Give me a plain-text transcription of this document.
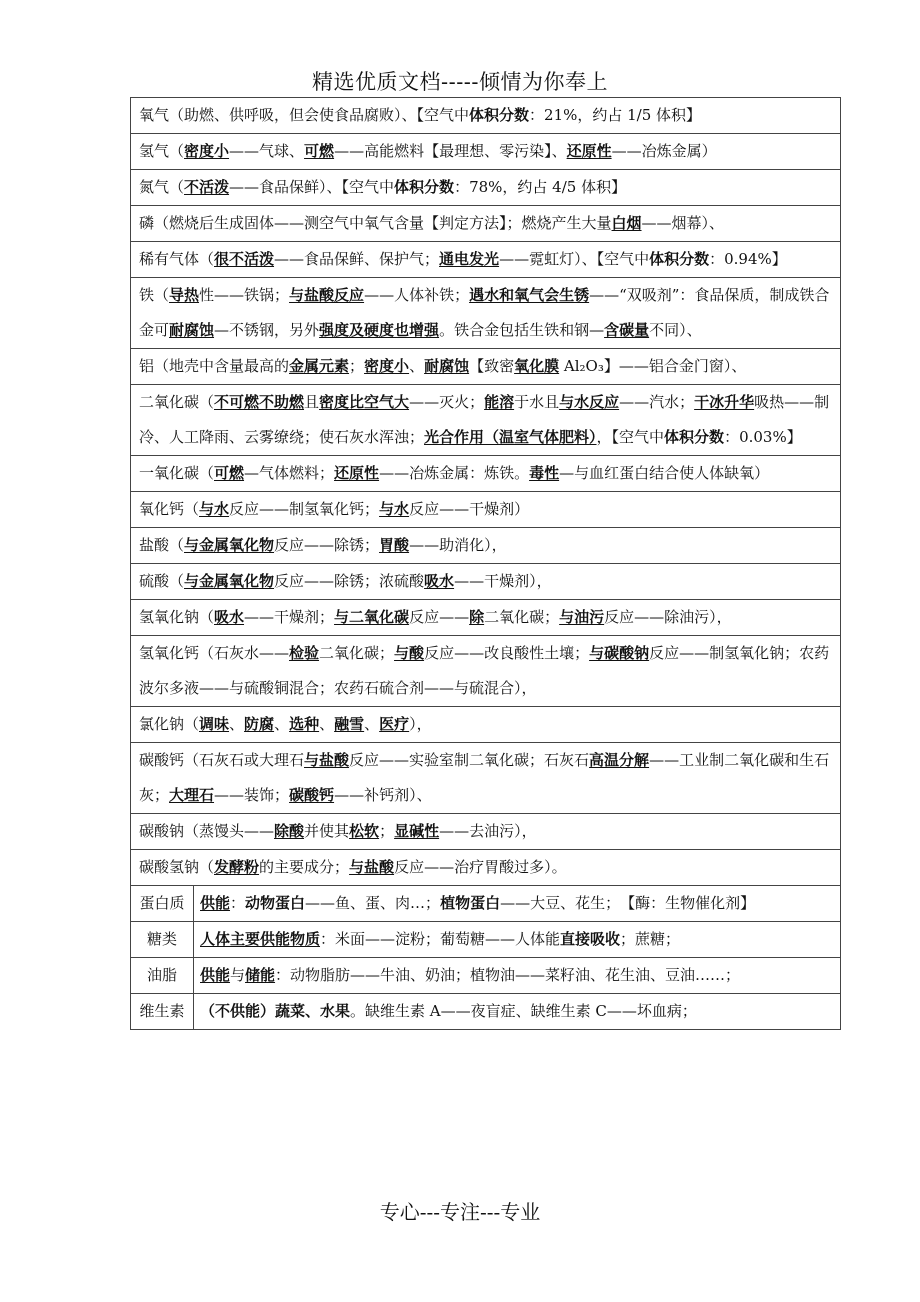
精选优质文档-----倾情为你奉上
氧气（助燃、供呼吸，但会使食品腐败）、【空气中体积分数：21%，约占 1/5 体积】	
氢气（密度小——气球、可燃——高能燃料【最理想、零污染】、还原性——冶炼金属）	
氮气（不活泼——食品保鲜）、【空气中体积分数：78%，约占 4/5 体积】	
磷（燃烧后生成固体——测空气中氧气含量【判定方法】；燃烧产生大量白烟——烟幕）、	
稀有气体（很不活泼——食品保鲜、保护气；通电发光——霓虹灯）、【空气中体积分数：0.94%】	
铁（导热性——铁锅；与盐酸反应——人体补铁；遇水和氧气会生锈——“双吸剂”：食品保质，制成铁合金可耐腐蚀—不锈钢，另外强度及硬度也增强。铁合金包括生铁和钢—含碳量不同）、	
铝（地壳中含量最高的金属元素；密度小、耐腐蚀【致密氧化膜 Al₂O₃】——铝合金门窗）、	
二氧化碳（不可燃不助燃且密度比空气大——灭火；能溶于水且与水反应——汽水；干冰升华吸热——制冷、人工降雨、云雾缭绕；使石灰水浑浊；光合作用（温室气体肥料），【空气中体积分数：0.03%】	
一氧化碳（可燃—气体燃料；还原性——冶炼金属：炼铁。毒性—与血红蛋白结合使人体缺氧）	
氧化钙（与水反应——制氢氧化钙；与水反应——干燥剂）	
盐酸（与金属氧化物反应——除锈；胃酸——助消化），	
硫酸（与金属氧化物反应——除锈；浓硫酸吸水——干燥剂），	
氢氧化钠（吸水——干燥剂；与二氧化碳反应——除二氧化碳；与油污反应——除油污），	
氢氧化钙（石灰水——检验二氧化碳；与酸反应——改良酸性土壤；与碳酸钠反应——制氢氧化钠；农药波尔多液——与硫酸铜混合；农药石硫合剂——与硫混合），	
氯化钠（调味、防腐、选种、融雪、医疗），	
碳酸钙（石灰石或大理石与盐酸反应——实验室制二氧化碳；石灰石高温分解——工业制二氧化碳和生石灰；大理石——装饰；碳酸钙——补钙剂）、	
碳酸钠（蒸馒头——除酸并使其松软；显碱性——去油污），	
碳酸氢钠（发酵粉的主要成分；与盐酸反应——治疗胃酸过多）。	
蛋白质	供能：动物蛋白——鱼、蛋、肉…；植物蛋白——大豆、花生；　【酶：生物催化剂】
糖类	人体主要供能物质：米面——淀粉；葡萄糖——人体能直接吸收；蔗糖；
油脂	供能与储能：动物脂肪——牛油、奶油；植物油——菜籽油、花生油、豆油……；
维生素	（不供能）蔬菜、水果。缺维生素 A——夜盲症、缺维生素 C——坏血病；
专心---专注---专业
